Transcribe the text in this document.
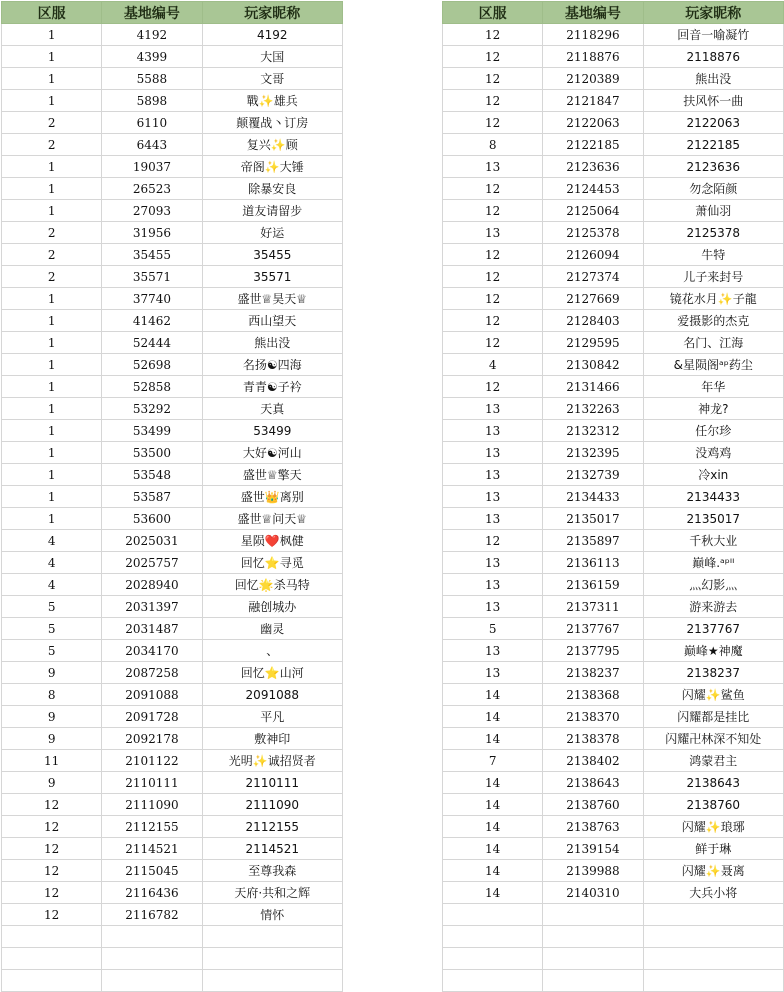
区服	基地编号	玩家昵称
1	4192	4192
1	4399	大国
1	5588	文哥
1	5898	戰✨雄兵
2	6110	颠覆战丶订房
2	6443	复兴✨顾
1	19037	帝阁✨大锤
1	26523	除暴安良
1	27093	道友请留步
2	31956	好运
2	35455	35455
2	35571	35571
1	37740	盛世♕昊天♕
1	41462	西山望天
1	52444	熊出没
1	52698	名扬☯四海
1	52858	青青☯子衿
1	53292	天真
1	53499	53499
1	53500	大好☯河山
1	53548	盛世♕擎天
1	53587	盛世👑离别
1	53600	盛世♕问天♕
4	2025031	星陨❤️枫健
4	2025757	回忆⭐寻觅
4	2028940	回忆🌟杀马特
5	2031397	融创城办
5	2031487	幽灵
5	2034170	、
9	2087258	回忆⭐山河
8	2091088	2091088
9	2091728	平凡
9	2092178	敷神印
11	2101122	光明✨诚招贤者
9	2110111	2110111
12	2111090	2111090
12	2112155	2112155
12	2114521	2114521
12	2115045	至尊我森
12	2116436	天府·共和之辉
12	2116782	情怀

区服	基地编号	玩家昵称
12	2118296	回音一喻凝竹
12	2118876	2118876
12	2120389	熊出没
12	2121847	扶风怀一曲
12	2122063	2122063
8	2122185	2122185
13	2123636	2123636
12	2124453	勿念陌颜
12	2125064	萧仙羽
13	2125378	2125378
12	2126094	牛特
12	2127374	儿子来封号
12	2127669	镜花水月✨子龍
12	2128403	爱摄影的杰克
12	2129595	名门、江海
4	2130842	&星陨阁ᵃᵖ药尘
12	2131466	年华
13	2132263	神龙?
13	2132312	任尔珍
13	2132395	没鸡鸡
13	2132739	冷xin
13	2134433	2134433
13	2135017	2135017
12	2135897	千秋大业
13	2136113	巅峰.ᵃᵖᴵᴵ
13	2136159	灬幻影灬
13	2137311	游来游去
5	2137767	2137767
13	2137795	巅峰★神魔
13	2138237	2138237
14	2138368	闪耀✨鲨鱼
14	2138370	闪耀都是挂比
14	2138378	闪耀卍林深不知处
7	2138402	鸿蒙君主
14	2138643	2138643
14	2138760	2138760
14	2138763	闪耀✨琅琊
14	2139154	鲜于琳
14	2139988	闪耀✨聂离
14	2140310	大兵小将
